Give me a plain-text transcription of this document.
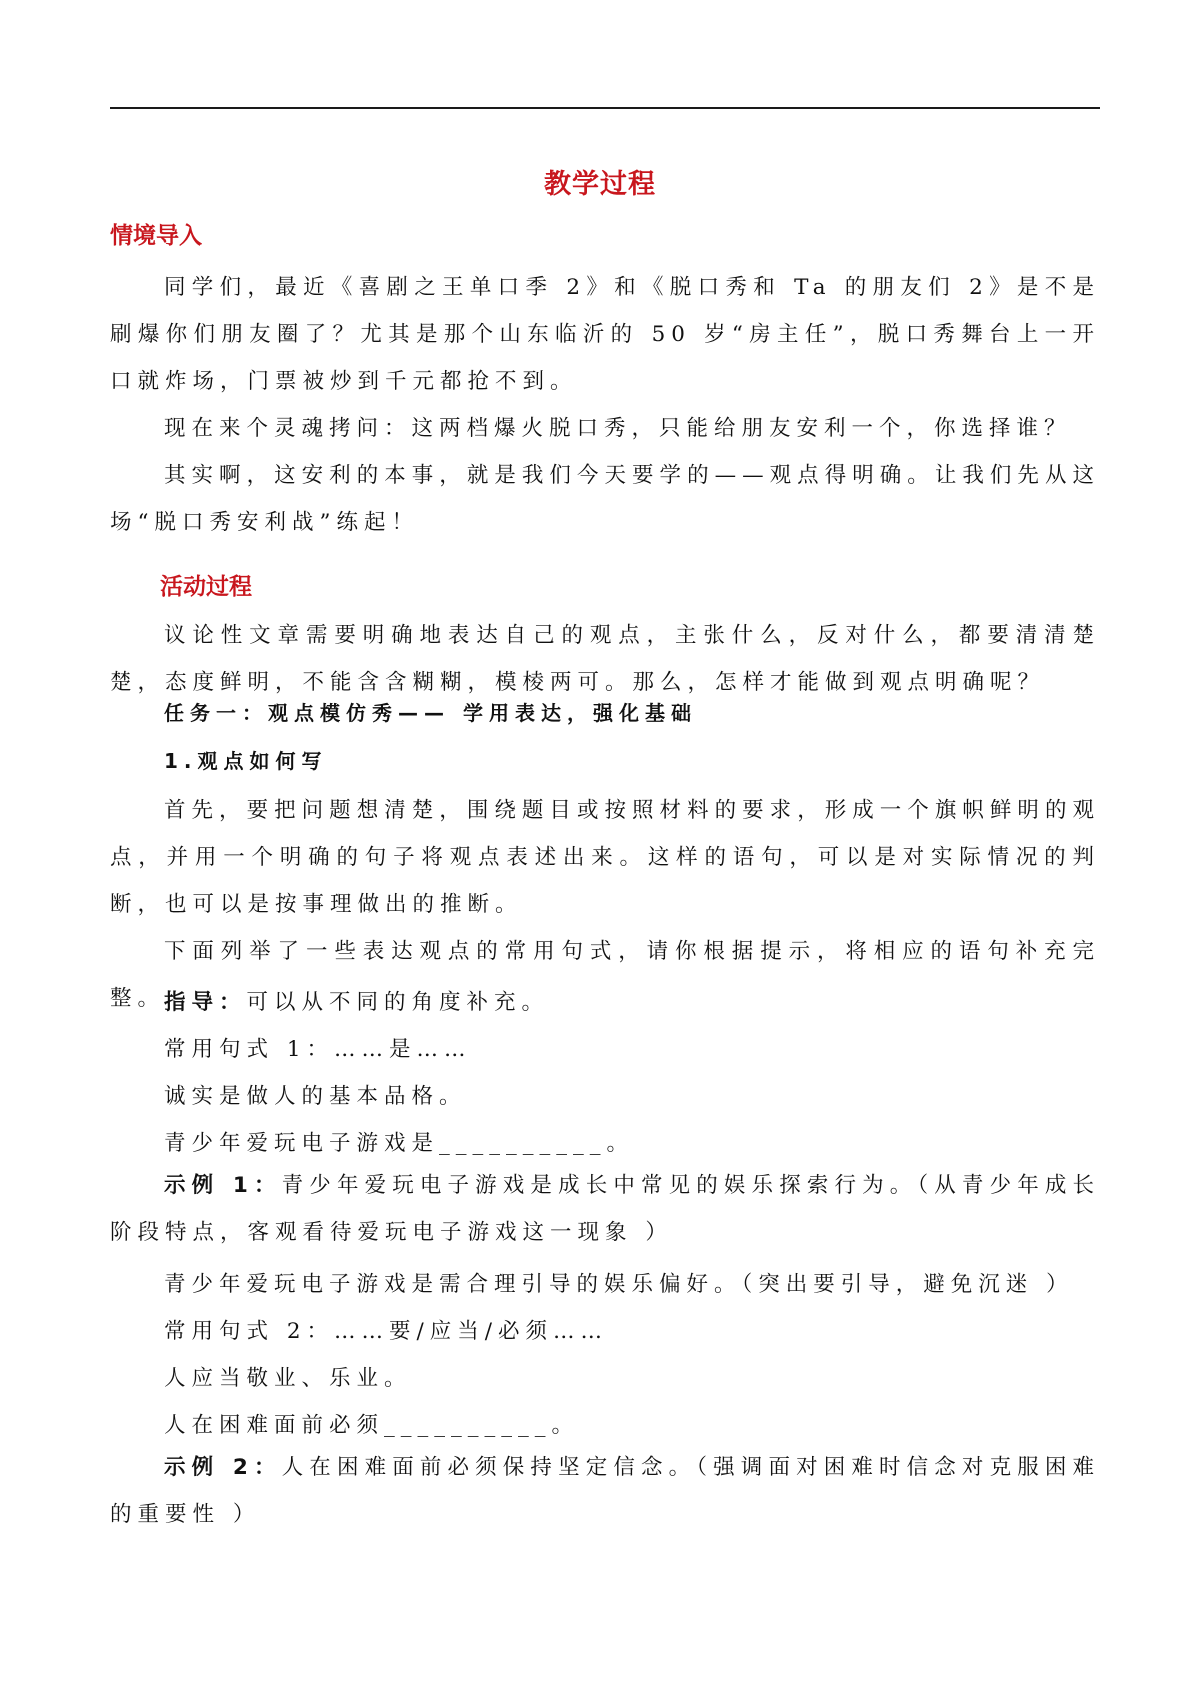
教学过程
情境导入

同学们，最近《喜剧之王单口季 2》和《脱口秀和 Ta 的朋友们 2》是不是刷爆你们朋友圈了？尤其是那个山东临沂的 50 岁“房主任”，脱口秀舞台上一开口就炸场，门票被炒到千元都抢不到。

现在来个灵魂拷问：这两档爆火脱口秀，只能给朋友安利一个，你选择谁？

其实啊，这安利的本事，就是我们今天要学的——观点得明确。让我们先从这场“脱口秀安利战”练起！

活动过程

议论性文章需要明确地表达自己的观点，主张什么，反对什么，都要清清楚楚，态度鲜明，不能含含糊糊，模棱两可。那么，怎样才能做到观点明确呢？

任务一：观点模仿秀—— 学用表达，强化基础

1.观点如何写

首先，要把问题想清楚，围绕题目或按照材料的要求，形成一个旗帜鲜明的观点，并用一个明确的句子将观点表述出来。这样的语句，可以是对实际情况的判断，也可以是按事理做出的推断。

下面列举了一些表达观点的常用句式，请你根据提示，将相应的语句补充完整。

指导：可以从不同的角度补充。

常用句式 1：……是……

诚实是做人的基本品格。

青少年爱玩电子游戏是__________。

示例 1：青少年爱玩电子游戏是成长中常见的娱乐探索行为。（从青少年成长阶段特点，客观看待爱玩电子游戏这一现象 ）

青少年爱玩电子游戏是需合理引导的娱乐偏好。（突出要引导，避免沉迷 ）

常用句式 2：……要/应当/必须……

人应当敬业、乐业。

人在困难面前必须__________。

示例 2：人在困难面前必须保持坚定信念。（强调面对困难时信念对克服困难的重要性 ）
